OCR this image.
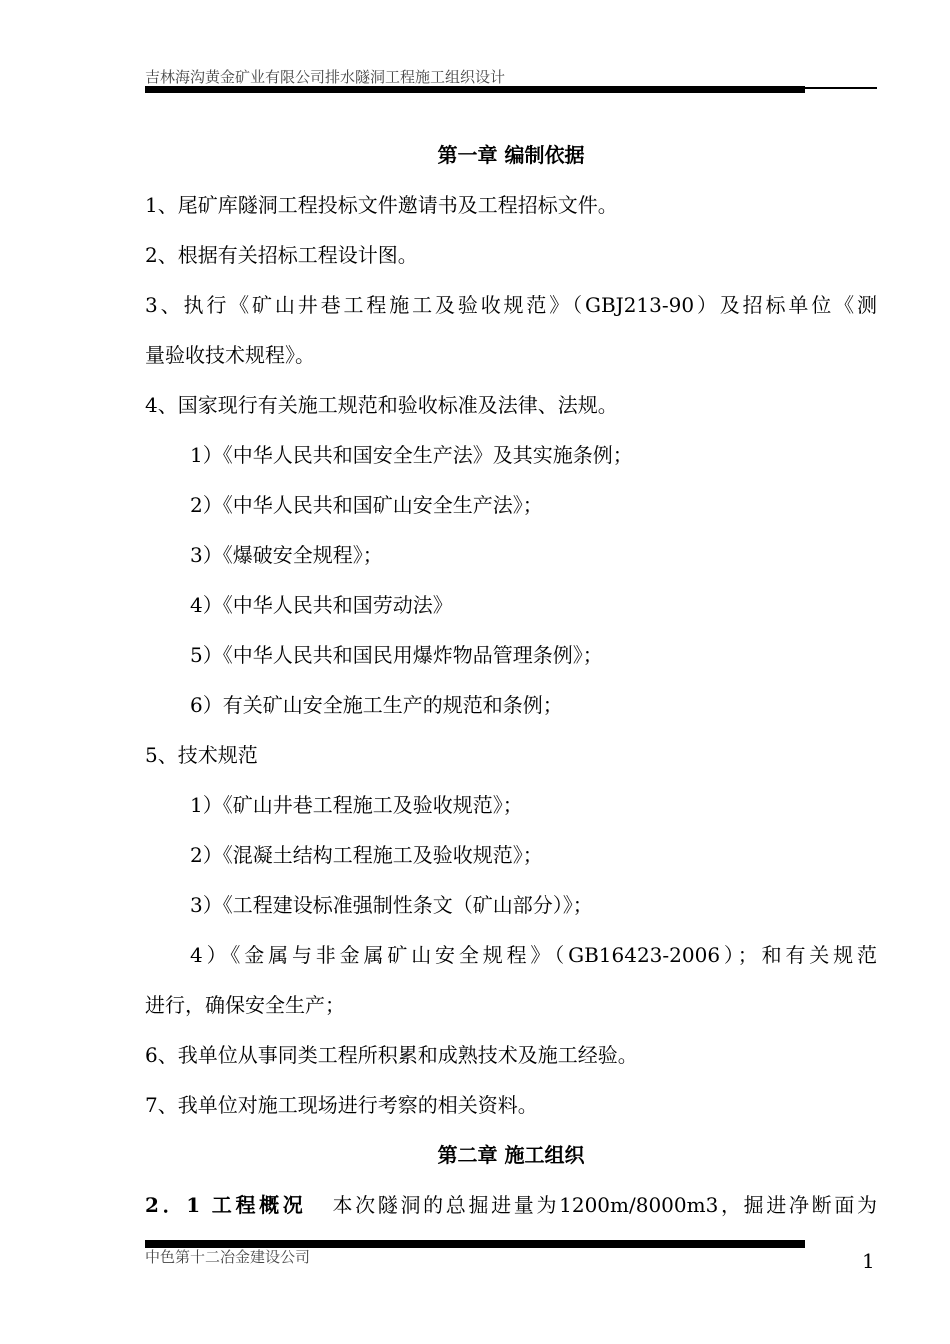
吉林海沟黄金矿业有限公司排水隧洞工程施工组织设计
第一章 编制依据
1、尾矿库隧洞工程投标文件邀请书及工程招标文件。
2、根据有关招标工程设计图。
3、执行《矿山井巷工程施工及验收规范》（GBJ213-90）及招标单位《测
量验收技术规程》。
4、国家现行有关施工规范和验收标准及法律、法规。
1）《中华人民共和国安全生产法》及其实施条例；
2）《中华人民共和国矿山安全生产法》；
3）《爆破安全规程》；
4）《中华人民共和国劳动法》
5）《中华人民共和国民用爆炸物品管理条例》；
6）有关矿山安全施工生产的规范和条例；
5、技术规范
1）《矿山井巷工程施工及验收规范》；
2）《混凝土结构工程施工及验收规范》；
3）《工程建设标准强制性条文（矿山部分）》；
4）《金属与非金属矿山安全规程》（GB16423-2006）；和有关规范
进行，确保安全生产；
6、我单位从事同类工程所积累和成熟技术及施工经验。
7、我单位对施工现场进行考察的相关资料。
第二章 施工组织
2．1 工程概况 本次隧洞的总掘进量为1200m/8000m3，掘进净断面为
中色第十二冶金建设公司	1
